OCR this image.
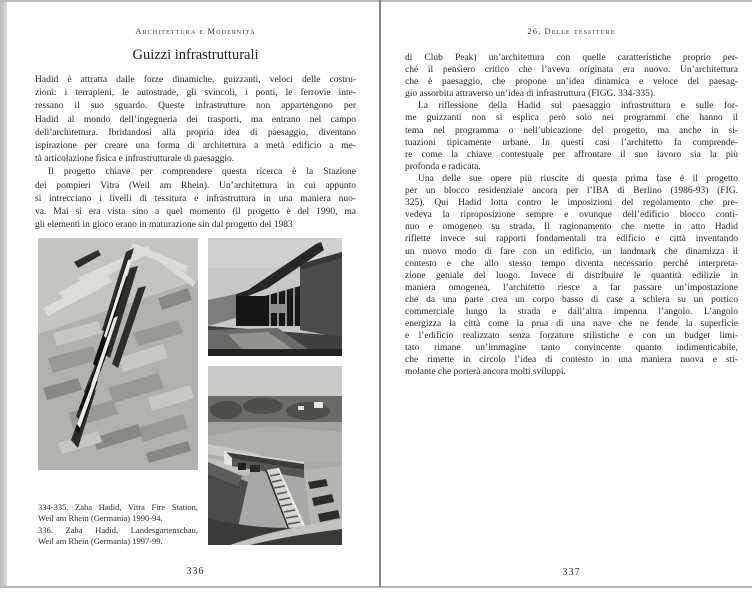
Architettura e Modernità
Guizzi infrastrutturali
Hadid è attratta dalle forze dinamiche, guizzanti, veloci delle costru-
zioni: i terrapieni, le autostrade, gli svincoli, i ponti, le ferrovie inte-
ressano il suo sguardo. Queste infrastrutture non appartengono per
Hadid al mondo dell’ingegneria dei trasporti, ma entrano nel campo
dell’architettura. Ibridandosi alla propria idea di paesaggio, diventano
ispirazione per creare una forma di architettura a metà edificio a me-
tà articolazione fisica e infrastrutturale di paesaggio.
Il progetto chiave per comprendere questa ricerca è la Stazione
dei pompieri Vitra (Weil am Rhein). Un’architettura in cui appunto
si intrecciano i livelli di tessitura e infrastruttura in una maniera nuo-
va. Mai si era vista sino a quel momento (il progetto è del 1990, ma
gli elementi in gioco erano in maturazione sin dal progetto del 1983
334-335. Zaha Hadid, Vitra Fire Station,
Weil am Rhein (Germania) 1990-94.
336. Zaha Hadid, Landesgartenschau,
Weil am Rhein (Germania) 1997-99.
336
26. Delle tessiture
di Club Peak) un’architettura con quelle caratteristiche proprio per-
ché il pensiero critico che l’aveva originata era nuovo. Un’architettura
che è paesaggio, che propone un’idea dinamica e veloce del paesag-
gio assorbita attraverso un’idea di infrastruttura (FIGG. 334-335).
La riflessione della Hadid sul paesaggio infrastruttura e sulle for-
me guizzanti non si esplica però solo nei programmi che hanno il
tema nel programma o nell’ubicazione del progetto, ma anche in si-
tuazioni tipicamente urbane. In questi casi l’architetto fa comprende-
re come la chiave contestuale per affrontare il suo lavoro sia la più
profonda e radicata.
Una delle sue opere più riuscite di questa prima fase è il progetto
per un blocco residenziale ancora per l’IBA di Berlino (1986-93) (FIG.
325). Qui Hadid lotta contro le imposizioni del regolamento che pre-
vedeva la riproposizione sempre e ovunque dell’edificio blocco conti-
nuo e omogeneo su strada. Il ragionamento che mette in atto Hadid
riflette invece sui rapporti fondamentali tra edificio e città inventando
un nuovo modo di fare con un edificio, un landmark che dinamizza il
contesto e che allo stesso tempo diventa necessario perché interpreta-
zione geniale del luogo. Invece di distribuire le quantità edilizie in
maniera omogenea, l’architetto riesce a far passare un’impostazione
che da una parte crea un corpo basso di case a schiera su un portico
commerciale lungo la strada e dall’altra impenna l’angolo. L’angolo
energizza la città come la prua di una nave che ne fende la superficie
e l’edificio realizzato senza forzature stilistiche e con un budget limi-
tato rimane un’immagine tanto convincente quanto indimenticabile,
che rimette in circolo l’idea di contesto in una maniera nuova e sti-
molante che porterà ancora molti sviluppi.
337
